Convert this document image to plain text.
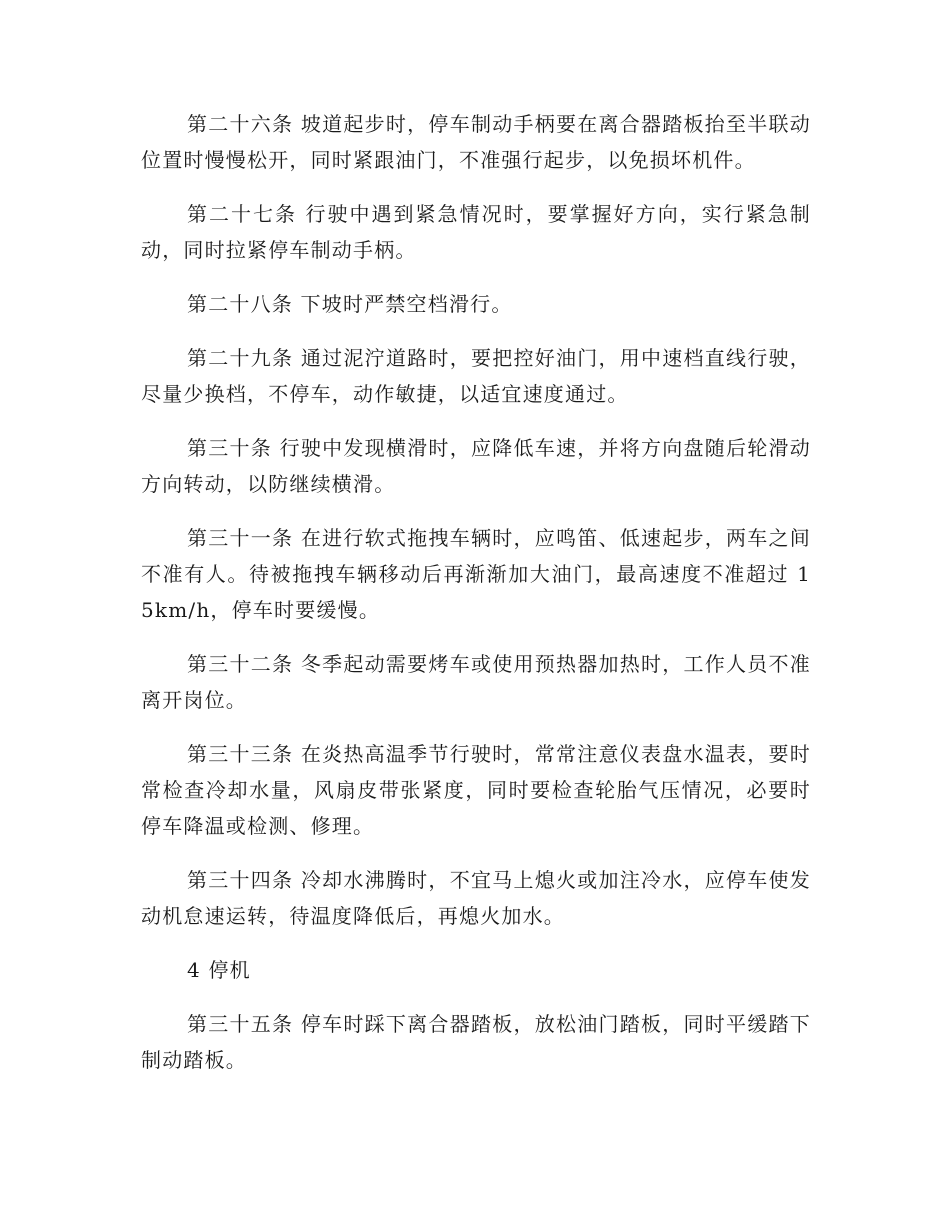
第二十六条 坡道起步时，停车制动手柄要在离合器踏板抬至半联动位置时慢慢松开，同时紧跟油门，不准强行起步，以免损坏机件。

第二十七条 行驶中遇到紧急情况时，要掌握好方向，实行紧急制动，同时拉紧停车制动手柄。

第二十八条 下坡时严禁空档滑行。

第二十九条 通过泥泞道路时，要把控好油门，用中速档直线行驶，尽量少换档，不停车，动作敏捷，以适宜速度通过。

第三十条 行驶中发现横滑时，应降低车速，并将方向盘随后轮滑动方向转动，以防继续横滑。

第三十一条 在进行软式拖拽车辆时，应鸣笛、低速起步，两车之间不准有人。待被拖拽车辆移动后再渐渐加大油门，最高速度不准超过 15km/h，停车时要缓慢。

第三十二条 冬季起动需要烤车或使用预热器加热时，工作人员不准离开岗位。

第三十三条 在炎热高温季节行驶时，常常注意仪表盘水温表，要时常检查冷却水量，风扇皮带张紧度，同时要检查轮胎气压情况，必要时停车降温或检测、修理。

第三十四条 冷却水沸腾时，不宜马上熄火或加注冷水，应停车使发动机怠速运转，待温度降低后，再熄火加水。

4 停机

第三十五条 停车时踩下离合器踏板，放松油门踏板，同时平缓踏下制动踏板。
